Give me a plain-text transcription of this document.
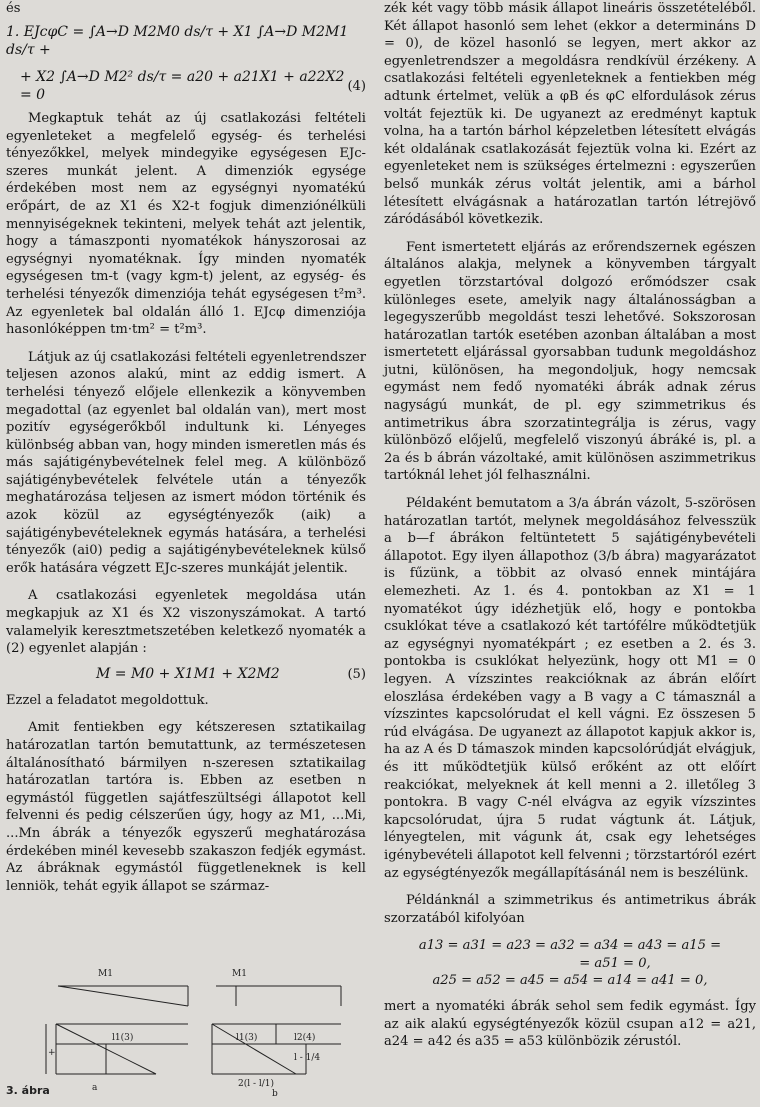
és
1. EJcφC = ∫A→D M2M0 ds/τ + X1 ∫A→D M2M1 ds/τ +
+ X2 ∫A→D M2² ds/τ = a20 + a21X1 + a22X2 = 0
(4)

Megkaptuk tehát az új csatlakozási feltételi egyenleteket a megfelelő egység- és terhelési tényezőkkel, melyek mindegyike egységesen EJc-szeres munkát jelent. A dimenziók egysége érdekében most nem az egységnyi nyomatékú erőpárt, de az X1 és X2-t fogjuk dimenziónélküli mennyiségeknek tekinteni, melyek tehát azt jelentik, hogy a támaszponti nyomatékok hányszorosai az egységnyi nyomatéknak. Így minden nyomaték egységesen tm-t (vagy kgm-t) jelent, az egység- és terhelési tényezők dimenziója tehát egységesen t²m³. Az egyenletek bal oldalán álló 1. EJcφ dimenziója hasonlóképpen tm·tm² = t²m³.

Látjuk az új csatlakozási feltételi egyenletrendszer teljesen azonos alakú, mint az eddig ismert. A terhelési tényező előjele ellenkezik a könyvemben megadottal (az egyenlet bal oldalán van), mert most pozitív egységerőkből indultunk ki. Lényeges különbség abban van, hogy minden ismeretlen más és más sajátigénybevételnek felel meg. A különböző sajátigénybevételek felvétele után a tényezők meghatározása teljesen az ismert módon történik és azok közül az egységtényezők (aik) a sajátigénybevételeknek egymás hatására, a terhelési tényezők (ai0) pedig a sajátigénybevételeknek külső erők hatására végzett EJc-szeres munkáját jelentik.

A csatlakozási egyenletek megoldása után megkapjuk az X1 és X2 viszonyszámokat. A tartó valamelyik keresztmetszetében keletkező nyomaték a (2) egyenlet alapján :

M = M0 + X1M1 + X2M2	(5)

Ezzel a feladatot megoldottuk.

Amit fentiekben egy kétszeresen sztatikailag határozatlan tartón bemutattunk, az természetesen általánosítható bármilyen n-szeresen sztatikailag határozatlan tartóra is. Ebben az esetben n egymástól független sajátfeszültségi állapotot kell felvenni és pedig célszerűen úgy, hogy az M1, ...Mi, ...Mn ábrák a tényezők egyszerű meghatározása érdekében minél kevesebb szakaszon fedjék egymást. Az ábráknak egymástól függetleneknek is kell lenniök, tehát egyik állapot se származ-

M1	M1
+
l1(3)
a
l1(3)	l2(4)
l - 1/4
2(l - l/1)
b
3. ábra

zék két vagy több másik állapot lineáris összetételéből. Két állapot hasonló sem lehet (ekkor a determináns D = 0), de közel hasonló se legyen, mert akkor az egyenletrendszer a megoldásra rendkívül érzékeny. A csatlakozási feltételi egyenleteknek a fentiekben még adtunk értelmet, velük a φB és φC elfordulások zérus voltát fejeztük ki. De ugyanezt az eredményt kaptuk volna, ha a tartón bárhol képzeletben létesített elvágás két oldalának csatlakozását fejeztük volna ki. Ezért az egyenleteket nem is szükséges értelmezni : egyszerűen belső munkák zérus voltát jelentik, ami a bárhol létesített elvágásnak a határozatlan tartón létrejövő záródásából következik.

Fent ismertetett eljárás az erőrendszernek egészen általános alakja, melynek a könyvemben tárgyalt egyetlen törzstartóval dolgozó erőmódszer csak különleges esete, amelyik nagy általánosságban a legegyszerűbb megoldást teszi lehetővé. Sokszorosan határozatlan tartók esetében azonban általában a most ismertetett eljárással gyorsabban tudunk megoldáshoz jutni, különösen, ha megondoljuk, hogy nemcsak egymást nem fedő nyomatéki ábrák adnak zérus nagyságú munkát, de pl. egy szimmetrikus és antimetrikus ábra szorzatintegrálja is zérus, vagy különböző előjelű, megfelelő viszonyú ábráké is, pl. a 2a és b ábrán vázoltaké, amit különösen aszimmetrikus tartóknál lehet jól felhasználni.

Példaként bemutatom a 3/a ábrán vázolt, 5-szörösen határozatlan tartót, melynek megoldásához felvesszük a b—f ábrákon feltüntetett 5 sajátigénybevételi állapotot. Egy ilyen állapothoz (3/b ábra) magyarázatot is fűzünk, a többit az olvasó ennek mintájára elemezheti. Az 1. és 4. pontokban az X1 = 1 nyomatékot úgy idézhetjük elő, hogy e pontokba csuklókat téve a csatlakozó két tartófélre működtetjük az egységnyi nyomatékpárt ; ez esetben a 2. és 3. pontokba is csuklókat helyezünk, hogy ott M1 = 0 legyen. A vízszintes reakcióknak az ábrán előírt eloszlása érdekében vagy a B vagy a C támasznál a vízszintes kapcsolórudat el kell vágni. Ez összesen 5 rúd elvágása. De ugyanezt az állapotot kapjuk akkor is, ha az A és D támaszok minden kapcsolórúdját elvágjuk, és itt működtetjük külső erőként az ott előírt reakciókat, melyeknek át kell menni a 2. illetőleg 3 pontokra. B vagy C-nél elvágva az egyik vízszintes kapcsolórudat, újra 5 rudat vágtunk át. Látjuk, lényegtelen, mit vágunk át, csak egy lehetséges igénybevételi állapotot kell felvenni ; törzstartóról ezért az egységtényezők megállapításánál nem is beszélünk.

Példánknál a szimmetrikus és antimetrikus ábrák szorzatából kifolyóan

a13 = a31 = a23 = a32 = a34 = a43 = a15 =
= a51 = 0,
a25 = a52 = a45 = a54 = a14 = a41 = 0,

mert a nyomatéki ábrák sehol sem fedik egymást. Így az aik alakú egységtényezők közül csupan a12 = a21, a24 = a42 és a35 = a53 különbözik zérustól.
